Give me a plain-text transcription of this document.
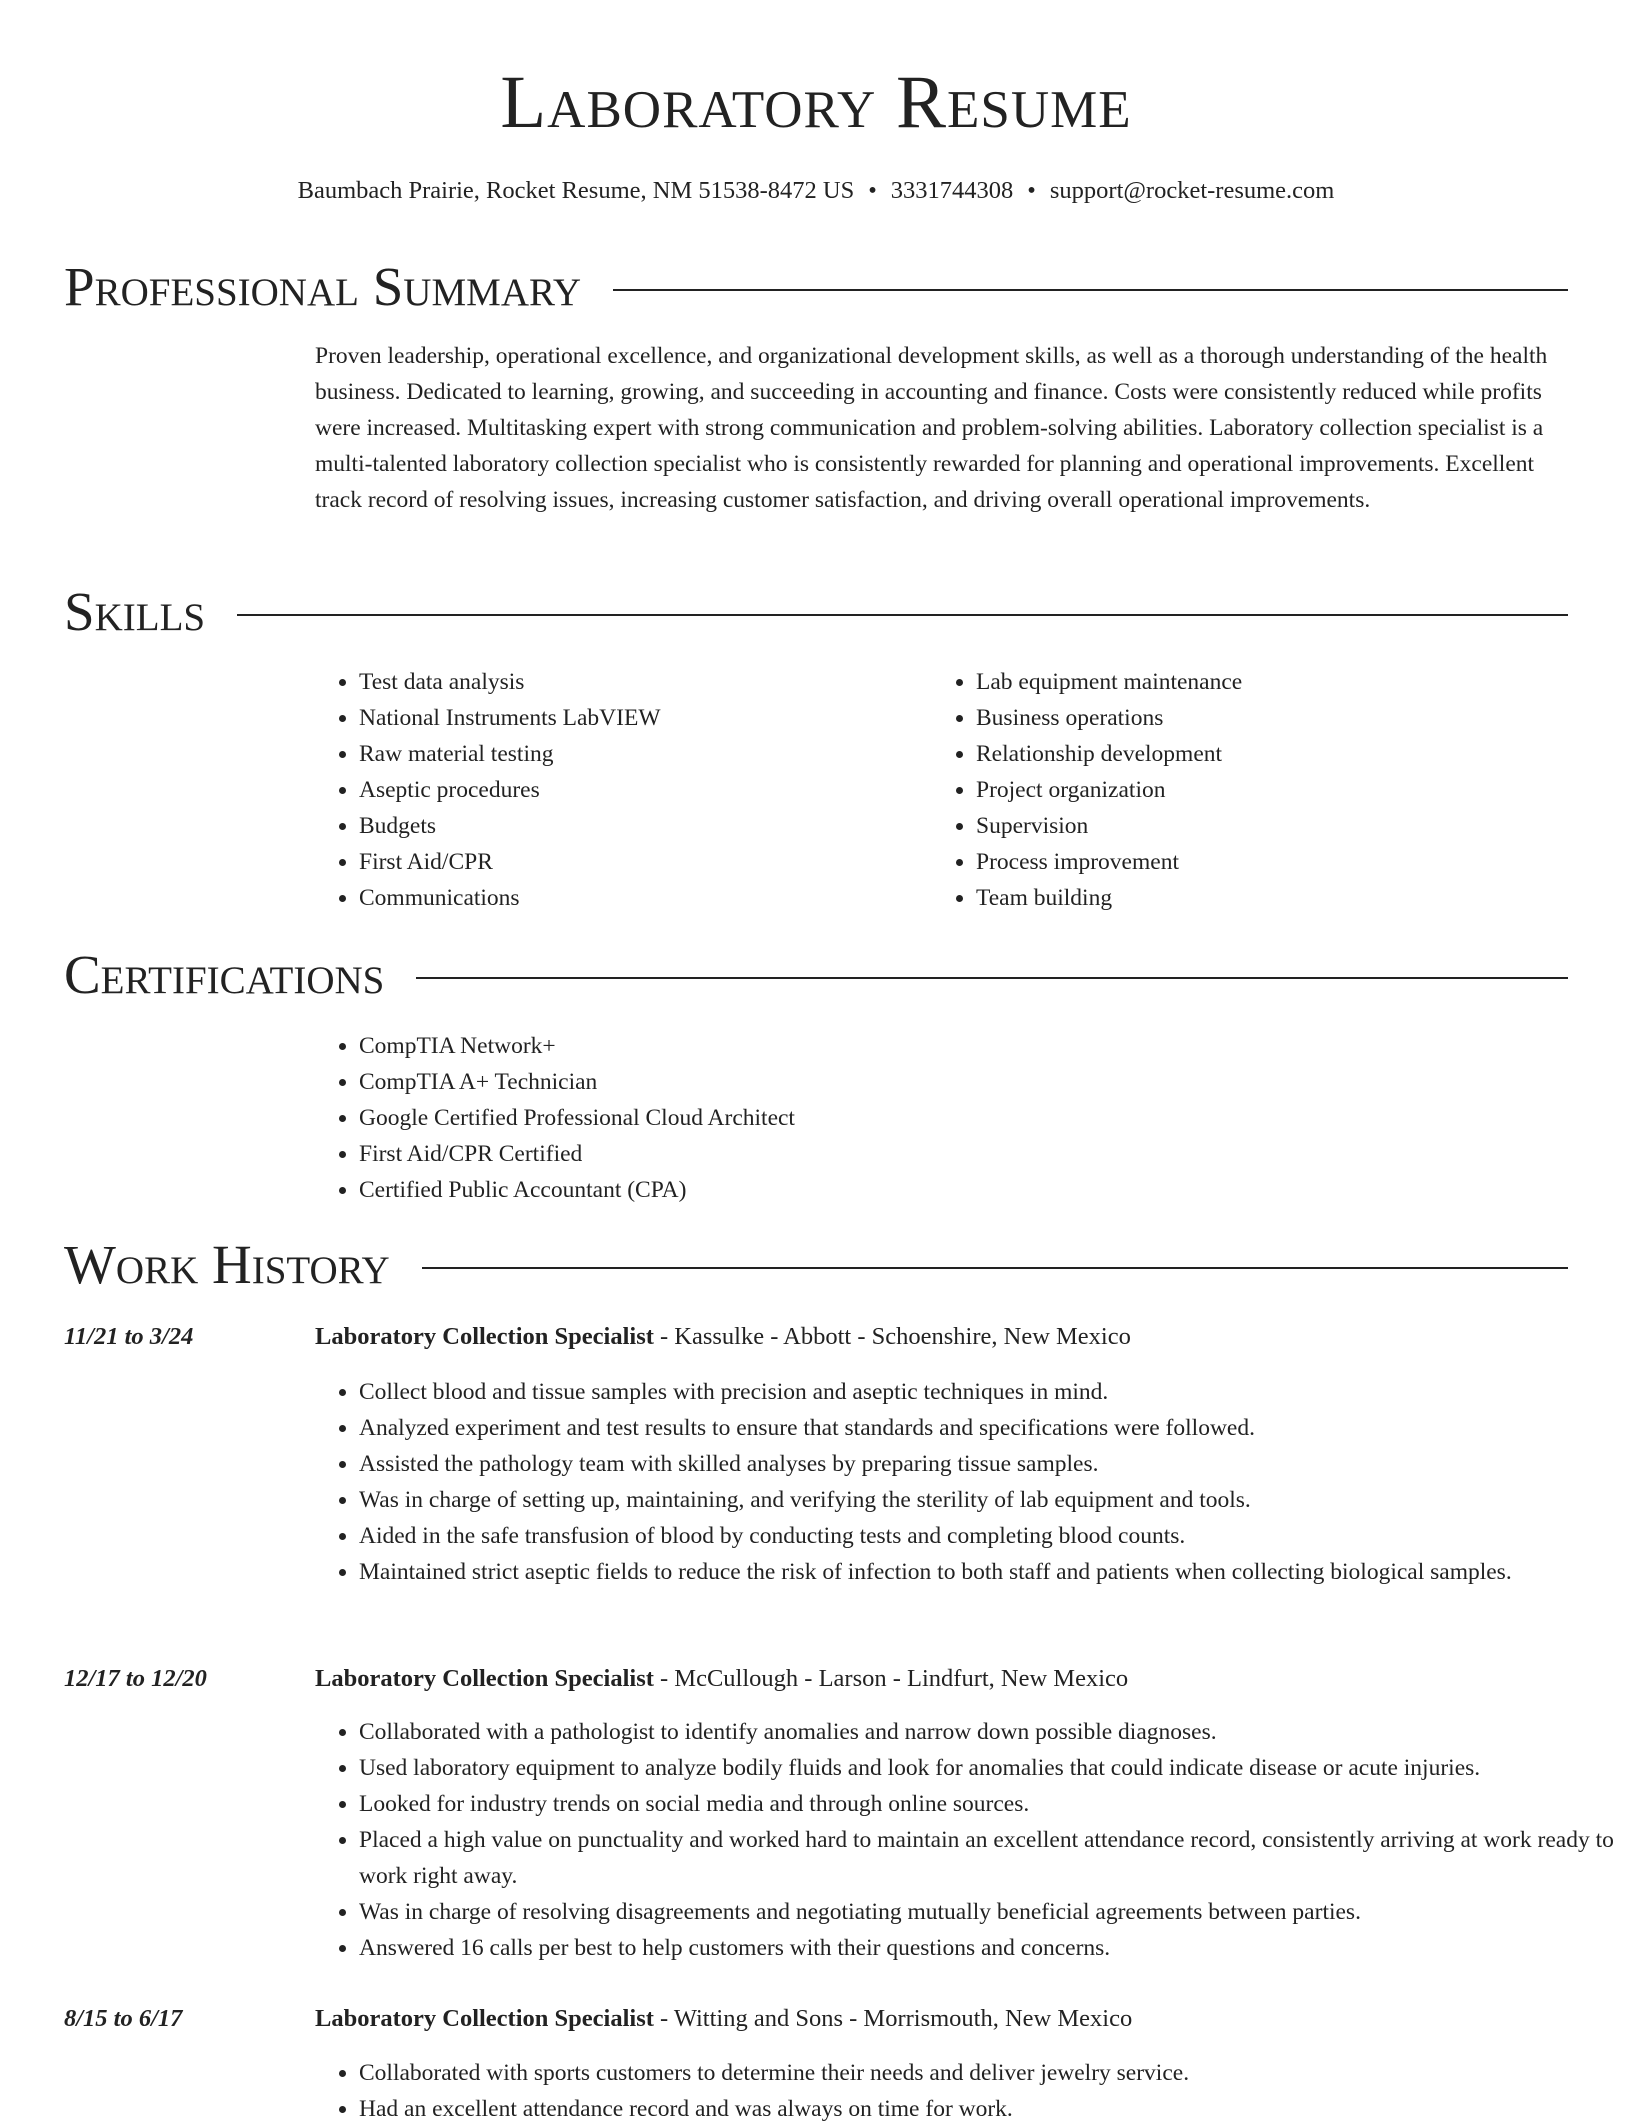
Laboratory Resume
Baumbach Prairie, Rocket Resume, NM 51538-8472 US • 3331744308 • support@rocket-resume.com
Professional Summary

Proven leadership, operational excellence, and organizational development skills, as well as a thorough understanding of the health business. Dedicated to learning, growing, and succeeding in accounting and finance. Costs were consistently reduced while profits were increased. Multitasking expert with strong communication and problem-solving abilities. Laboratory collection specialist is a multi-talented laboratory collection specialist who is consistently rewarded for planning and operational improvements. Excellent track record of resolving issues, increasing customer satisfaction, and driving overall operational improvements.

Skills
• Test data analysis
• National Instruments LabVIEW
• Raw material testing
• Aseptic procedures
• Budgets
• First Aid/CPR
• Communications
• Lab equipment maintenance
• Business operations
• Relationship development
• Project organization
• Supervision
• Process improvement
• Team building
Certifications
• CompTIA Network+
• CompTIA A+ Technician
• Google Certified Professional Cloud Architect
• First Aid/CPR Certified
• Certified Public Accountant (CPA)
Work History
11/21 to 3/24	Laboratory Collection Specialist - Kassulke - Abbott - Schoenshire, New Mexico
• Collect blood and tissue samples with precision and aseptic techniques in mind.
• Analyzed experiment and test results to ensure that standards and specifications were followed.
• Assisted the pathology team with skilled analyses by preparing tissue samples.
• Was in charge of setting up, maintaining, and verifying the sterility of lab equipment and tools.
• Aided in the safe transfusion of blood by conducting tests and completing blood counts.
• Maintained strict aseptic fields to reduce the risk of infection to both staff and patients when collecting biological samples.
12/17 to 12/20	Laboratory Collection Specialist - McCullough - Larson - Lindfurt, New Mexico
• Collaborated with a pathologist to identify anomalies and narrow down possible diagnoses.
• Used laboratory equipment to analyze bodily fluids and look for anomalies that could indicate disease or acute injuries.
• Looked for industry trends on social media and through online sources.
• Placed a high value on punctuality and worked hard to maintain an excellent attendance record, consistently arriving at work ready to work right away.
• Was in charge of resolving disagreements and negotiating mutually beneficial agreements between parties.
• Answered 16 calls per best to help customers with their questions and concerns.
8/15 to 6/17	Laboratory Collection Specialist - Witting and Sons - Morrismouth, New Mexico
• Collaborated with sports customers to determine their needs and deliver jewelry service.
• Had an excellent attendance record and was always on time for work.
